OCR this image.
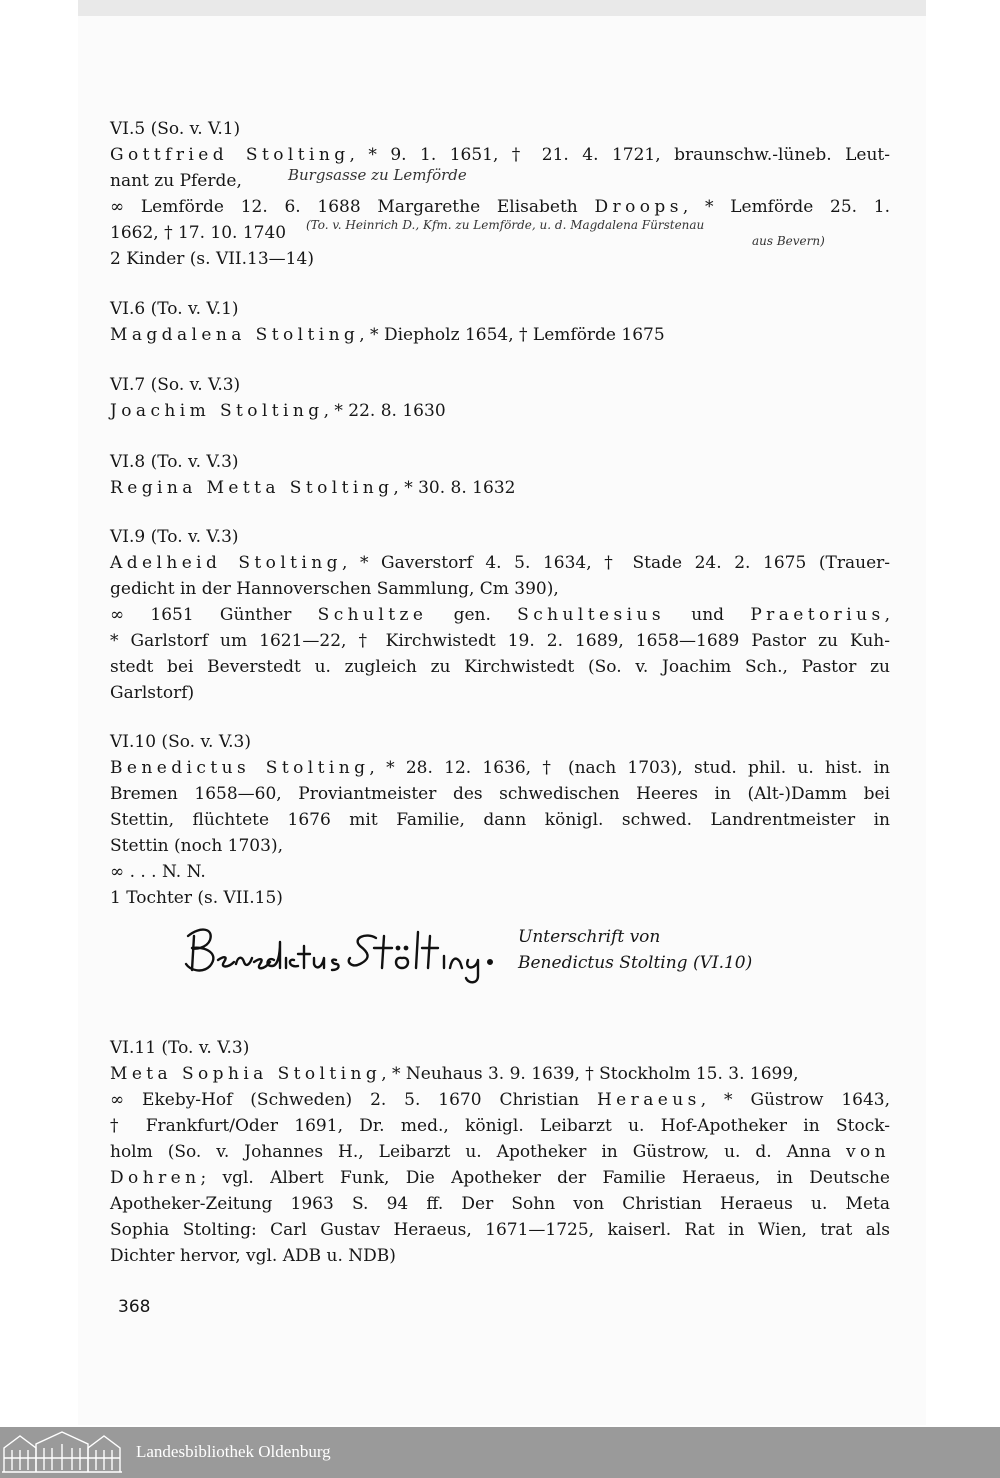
VI.5 (So. v. V.1)
Gottfried Stolting, * 9. 1. 1651, † 21. 4. 1721, braunschw.-lüneb. Leut-
nant zu Pferde,
∞ Lemförde 12. 6. 1688 Margarethe Elisabeth Droops, * Lemförde 25. 1.
1662, † 17. 10. 1740
2 Kinder (s. VII.13—14)
Burgsasse zu Lemförde
(To. v. Heinrich D., Kfm. zu Lemförde, u. d. Magdalena Fürstenau
aus Bevern)
VI.6 (To. v. V.1)
Magdalena Stolting, * Diepholz 1654, † Lemförde 1675
VI.7 (So. v. V.3)
Joachim Stolting, * 22. 8. 1630
VI.8 (To. v. V.3)
Regina Metta Stolting, * 30. 8. 1632
VI.9 (To. v. V.3)
Adelheid Stolting, * Gaverstorf 4. 5. 1634, † Stade 24. 2. 1675 (Trauer-
gedicht in der Hannoverschen Sammlung, Cm 390),
∞ 1651 Günther Schultze gen. Schultesius und Praetorius,
* Garlstorf um 1621—22, † Kirchwistedt 19. 2. 1689, 1658—1689 Pastor zu Kuh-
stedt bei Beverstedt u. zugleich zu Kirchwistedt (So. v. Joachim Sch., Pastor zu
Garlstorf)
VI.10 (So. v. V.3)
Benedictus Stolting, * 28. 12. 1636, † (nach 1703), stud. phil. u. hist. in
Bremen 1658—60, Proviantmeister des schwedischen Heeres in (Alt-)Damm bei
Stettin, flüchtete 1676 mit Familie, dann königl. schwed. Landrentmeister in
Stettin (noch 1703),
∞ . . . N. N.
1 Tochter (s. VII.15)
Unterschrift von
Benedictus Stolting (VI.10)
VI.11 (To. v. V.3)
Meta Sophia Stolting, * Neuhaus 3. 9. 1639, † Stockholm 15. 3. 1699,
∞ Ekeby-Hof (Schweden) 2. 5. 1670 Christian Heraeus, * Güstrow 1643,
† Frankfurt/Oder 1691, Dr. med., königl. Leibarzt u. Hof-Apotheker in Stock-
holm (So. v. Johannes H., Leibarzt u. Apotheker in Güstrow, u. d. Anna von
Dohren; vgl. Albert Funk, Die Apotheker der Familie Heraeus, in Deutsche
Apotheker-Zeitung 1963 S. 94 ff. Der Sohn von Christian Heraeus u. Meta
Sophia Stolting: Carl Gustav Heraeus, 1671—1725, kaiserl. Rat in Wien, trat als
Dichter hervor, vgl. ADB u. NDB)
368
Landesbibliothek Oldenburg
